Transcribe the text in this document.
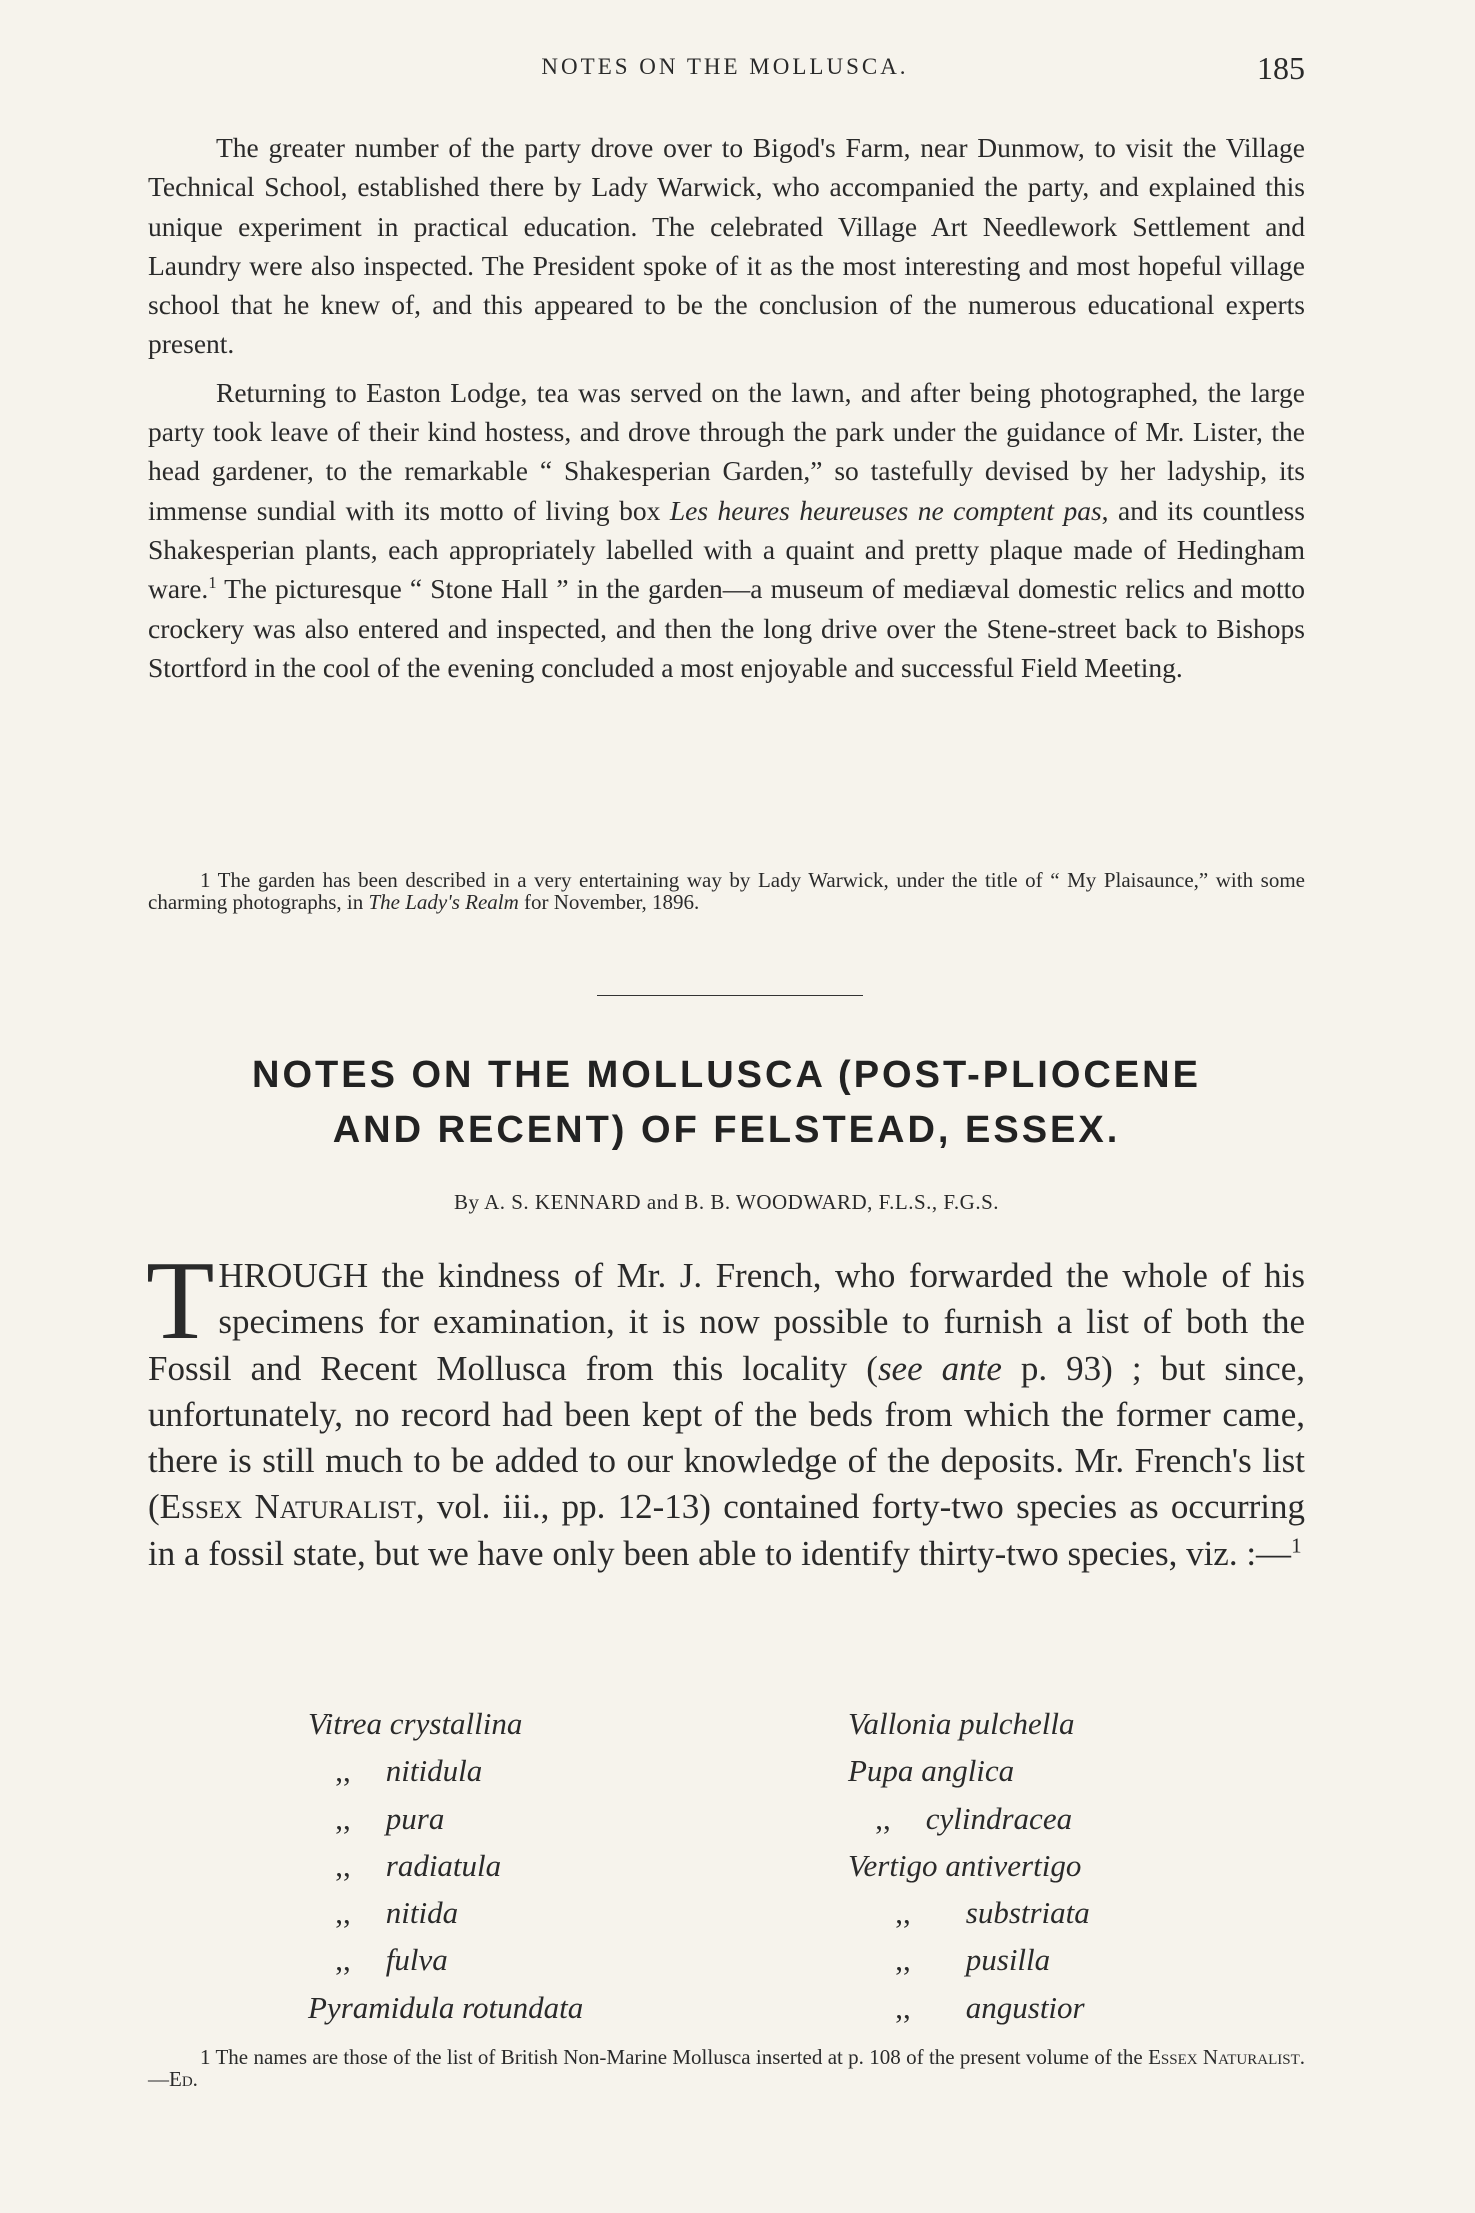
NOTES ON THE MOLLUSCA.	185

The greater number of the party drove over to Bigod's Farm, near Dunmow, to visit the Village Technical School, established there by Lady Warwick, who accompanied the party, and explained this unique experiment in practical education. The celebrated Village Art Needlework Settlement and Laundry were also inspected. The President spoke of it as the most interesting and most hopeful village school that he knew of, and this appeared to be the conclusion of the numerous educational experts present.

Returning to Easton Lodge, tea was served on the lawn, and after being photographed, the large party took leave of their kind hostess, and drove through the park under the guidance of Mr. Lister, the head gardener, to the remarkable “ Shakesperian Garden,” so tastefully devised by her ladyship, its immense sundial with its motto of living box Les heures heureuses ne comptent pas, and its countless Shakesperian plants, each appropriately labelled with a quaint and pretty plaque made of Hedingham ware.$^1$ The picturesque “ Stone Hall ” in the garden—a museum of mediæval domestic relics and motto crockery was also entered and inspected, and then the long drive over the Stene-street back to Bishops Stortford in the cool of the evening concluded a most enjoyable and successful Field Meeting.

1 The garden has been described in a very entertaining way by Lady Warwick, under the title of “ My Plaisaunce,” with some charming photographs, in The Lady's Realm for November, 1896.

NOTES ON THE MOLLUSCA (POST-PLIOCENE
AND RECENT) OF FELSTEAD, ESSEX.
By A. S. KENNARD and B. B. WOODWARD, F.L.S., F.G.S.

THROUGH the kindness of Mr. J. French, who forwarded the whole of his specimens for examination, it is now possible to furnish a list of both the Fossil and Recent Mollusca from this locality (see ante p. 93) ; but since, unfortunately, no record had been kept of the beds from which the former came, there is still much to be added to our knowledge of the deposits. Mr. French's list (Essex Naturalist, vol. iii., pp. 12-13) contained forty-two species as occurring in a fossil state, but we have only been able to identify thirty-two species, viz. :—$^1$

Vitrea crystallina
,, nitidula
,, pura
,, radiatula
,, nitida
,, fulva
Pyramidula rotundata
Vallonia pulchella
Pupa anglica
,, cylindracea
Vertigo antivertigo
,, substriata
,, pusilla
,, angustior

1 The names are those of the list of British Non-Marine Mollusca inserted at p. 108 of the present volume of the Essex Naturalist.—Ed.
